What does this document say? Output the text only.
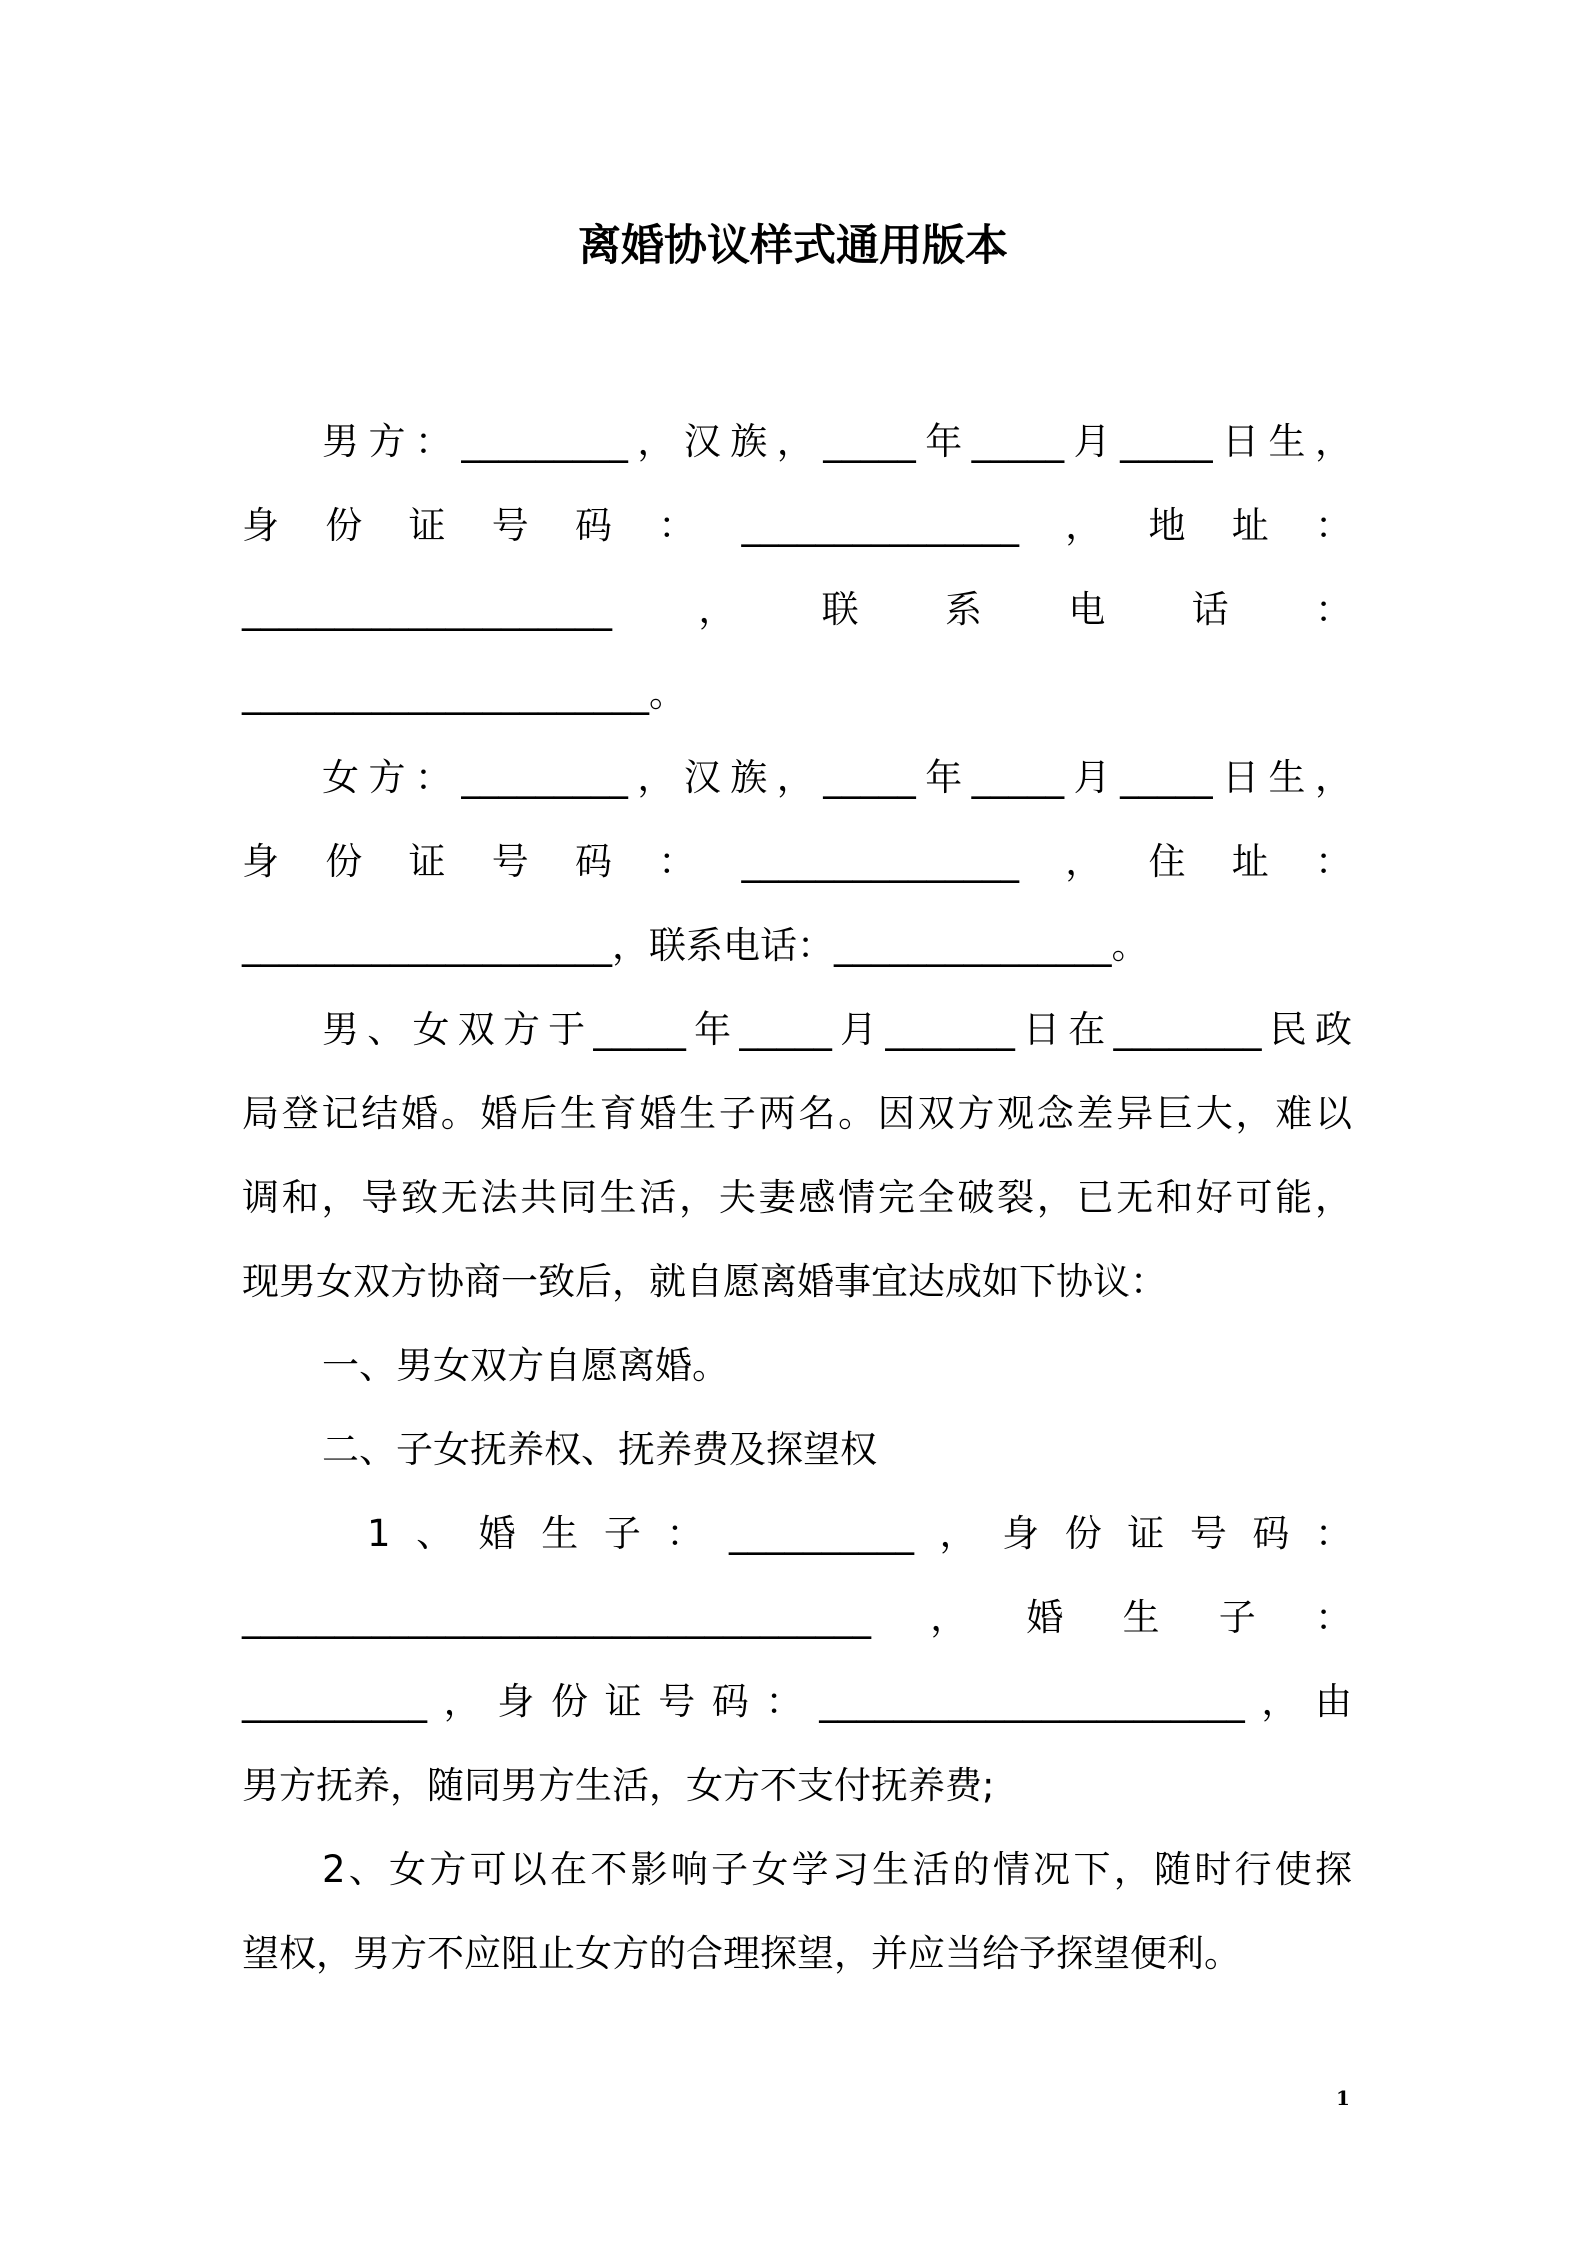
离婚协议样式通用版本

男方：_________，汉族，_____年_____月_____日生，

身份证号码：_______________，地址：

____________________，联系电话：

______________________。

女方：_________，汉族，_____年_____月_____日生，

身份证号码：_______________，住址：

____________________，联系电话：_______________。

男、女双方于_____年_____月_______日在________民政

局登记结婚。婚后生育婚生子两名。因双方观念差异巨大，难以

调和，导致无法共同生活，夫妻感情完全破裂，已无和好可能，

现男女双方协商一致后，就自愿离婚事宜达成如下协议：

一、男女双方自愿离婚。

二、子女抚养权、抚养费及探望权

1、婚生子：__________，身份证号码：

__________________________________，婚生子：

__________，身份证号码：_______________________，由

男方抚养，随同男方生活，女方不支付抚养费;

2、女方可以在不影响子女学习生活的情况下，随时行使探

望权，男方不应阻止女方的合理探望，并应当给予探望便利。

1
